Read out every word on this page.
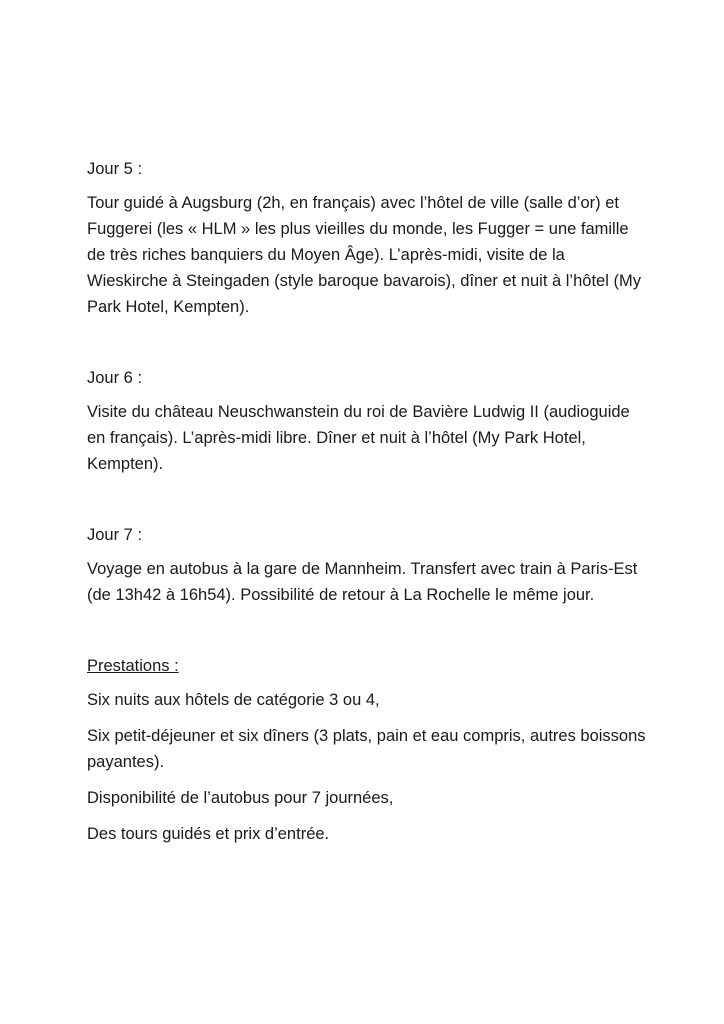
Jour 5 :

Tour guidé à Augsburg (2h, en français) avec l’hôtel de ville (salle d’or) et Fuggerei (les « HLM » les plus vieilles du monde, les Fugger = une famille de très riches banquiers du Moyen Âge). L’après-midi, visite de la Wieskirche à Steingaden (style baroque bavarois), dîner et nuit à l’hôtel (My Park Hotel, Kempten).

Jour 6 :

Visite du château Neuschwanstein du roi de Bavière Ludwig II (audioguide en français). L’après-midi libre. Dîner et nuit à l’hôtel (My Park Hotel, Kempten).

Jour 7 :

Voyage en autobus à la gare de Mannheim. Transfert avec train à Paris-Est (de 13h42 à 16h54). Possibilité de retour à La Rochelle le même jour.

Prestations :

Six nuits aux hôtels de catégorie 3 ou 4,

Six petit-déjeuner et six dîners (3 plats, pain et eau compris, autres boissons payantes).

Disponibilité de l’autobus pour 7 journées,

Des tours guidés et prix d’entrée.
